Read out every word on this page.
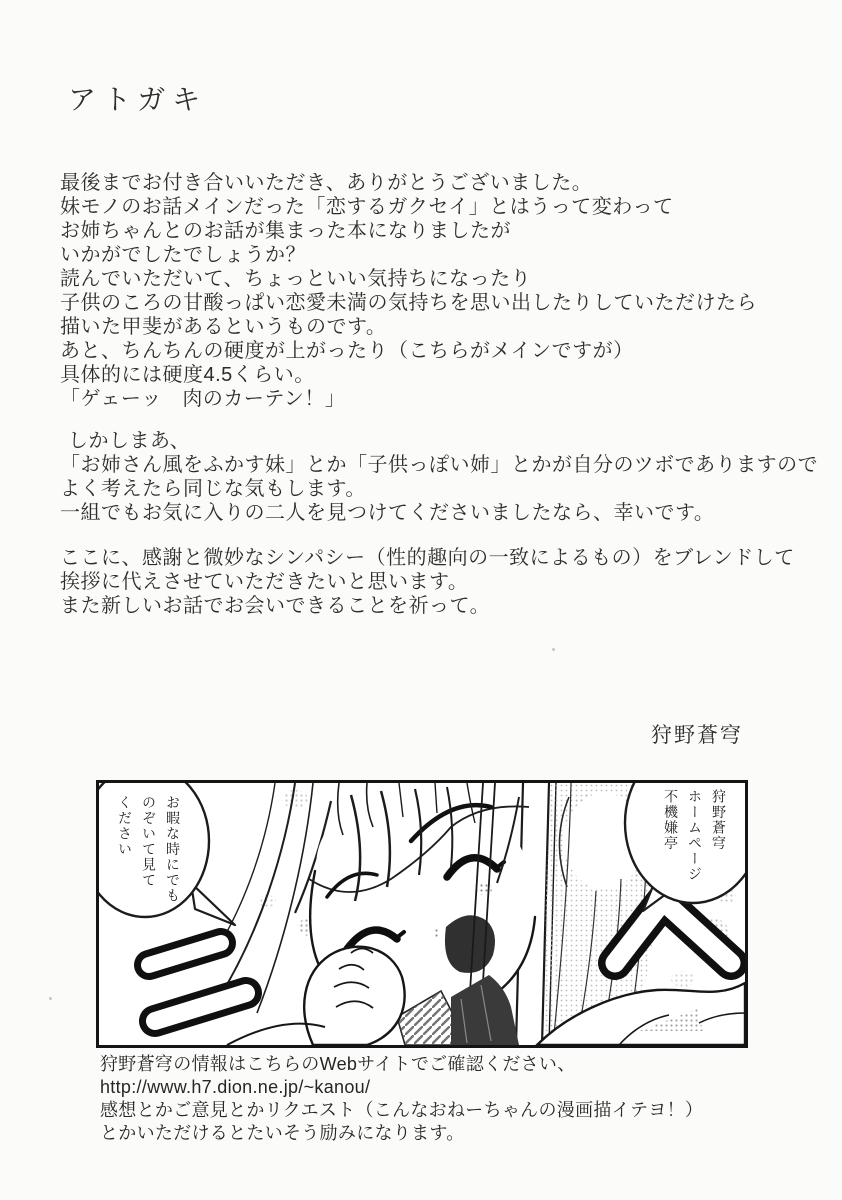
アトガキ
最後までお付き合いいただき、ありがとうございました。
妹モノのお話メインだった「恋するガクセイ」とはうって変わって
お姉ちゃんとのお話が集まった本になりましたが
いかがでしたでしょうか？
読んでいただいて、ちょっといい気持ちになったり
子供のころの甘酸っぱい恋愛未満の気持ちを思い出したりしていただけたら
描いた甲斐があるというものです。
あと、ちんちんの硬度が上がったり（こちらがメインですが）
具体的には硬度4.5くらい。
「ゲェーッ　肉のカーテン！」
しかしまあ、
「お姉さん風をふかす妹」とか「子供っぽい姉」とかが自分のツボでありますので
よく考えたら同じな気もします。
一組でもお気に入りの二人を見つけてくださいましたなら、幸いです。
ここに、感謝と微妙なシンパシー（性的趣向の一致によるもの）をブレンドして
挨拶に代えさせていただきたいと思います。
また新しいお話でお会いできることを祈って。
狩野蒼穹
お暇な時にでも
のぞいて見て
ください	狩野蒼穹
ホームページ
不機嫌亭
狩野蒼穹の情報はこちらのWebサイトでご確認ください、
http://www.h7.dion.ne.jp/~kanou/
感想とかご意見とかリクエスト（こんなおねーちゃんの漫画描イテヨ！）
とかいただけるとたいそう励みになります。
